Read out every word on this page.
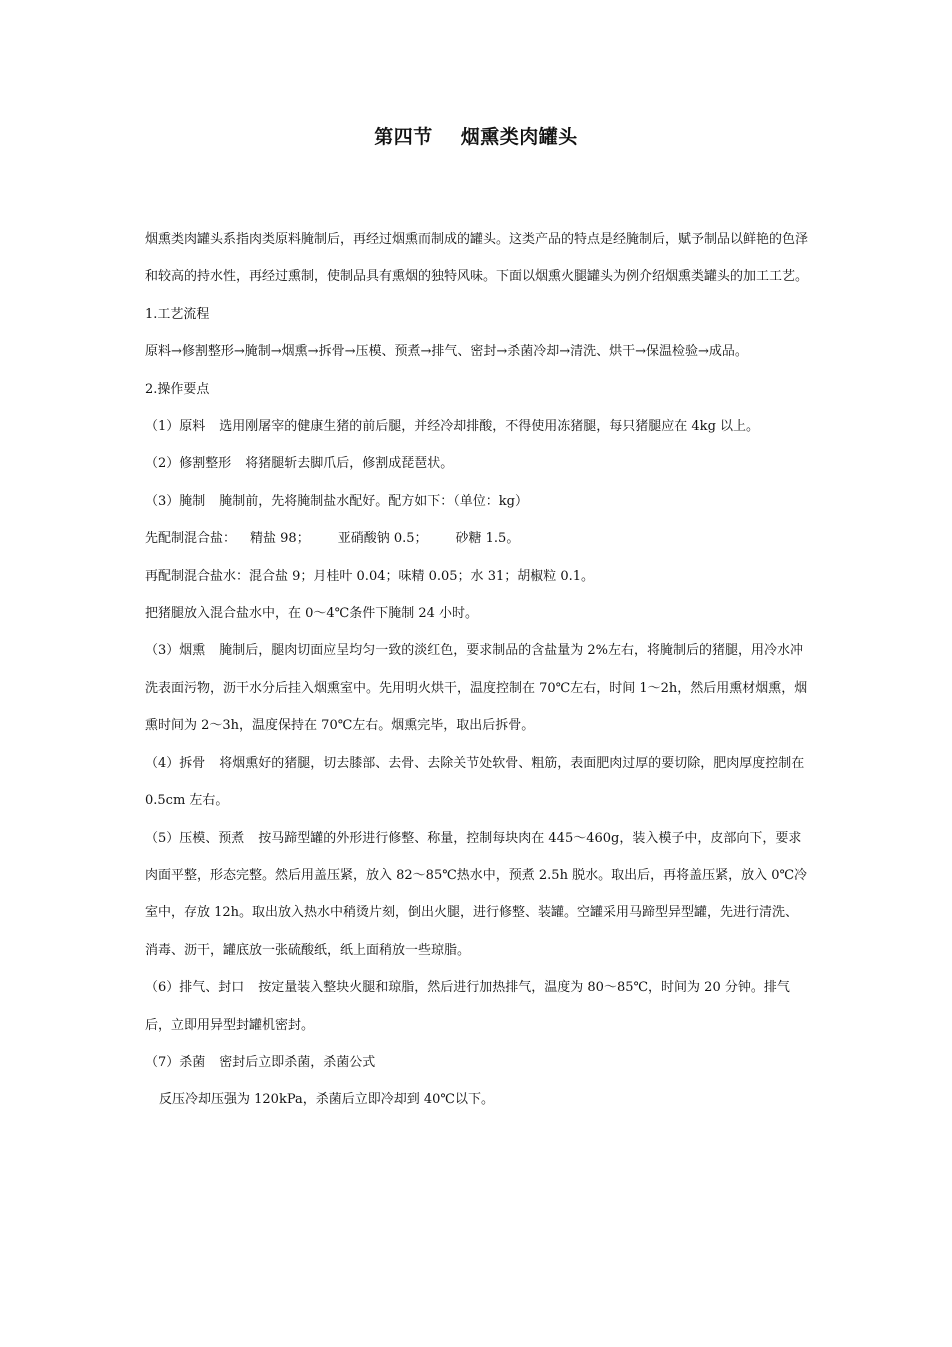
第四节 烟熏类肉罐头

烟熏类肉罐头系指肉类原料腌制后，再经过烟熏而制成的罐头。这类产品的特点是经腌制后，赋予制品以鲜艳的色泽和较高的持水性，再经过熏制，使制品具有熏烟的独特风味。下面以烟熏火腿罐头为例介绍烟熏类罐头的加工工艺。

1.工艺流程

原料→修割整形→腌制→烟熏→拆骨→压模、预煮→排气、密封→杀菌冷却→清洗、烘干→保温检验→成品。

2.操作要点

（1）原料 选用刚屠宰的健康生猪的前后腿，并经冷却排酸，不得使用冻猪腿，每只猪腿应在 4kg 以上。

（2）修割整形 将猪腿斩去脚爪后，修割成琵琶状。

（3）腌制 腌制前，先将腌制盐水配好。配方如下：（单位：kg）

先配制混合盐： 精盐 98； 亚硝酸钠 0.5； 砂糖 1.5。

再配制混合盐水：混合盐 9；月桂叶 0.04；味精 0.05；水 31；胡椒粒 0.1。

把猪腿放入混合盐水中，在 0～4℃条件下腌制 24 小时。

（3）烟熏 腌制后，腿肉切面应呈均匀一致的淡红色，要求制品的含盐量为 2%左右，将腌制后的猪腿，用冷水冲洗表面污物，沥干水分后挂入烟熏室中。先用明火烘干，温度控制在 70℃左右，时间 1～2h，然后用熏材烟熏，烟熏时间为 2～3h，温度保持在 70℃左右。烟熏完毕，取出后拆骨。

（4）拆骨 将烟熏好的猪腿，切去膝部、去骨、去除关节处软骨、粗筋，表面肥肉过厚的要切除，肥肉厚度控制在 0.5cm 左右。

（5）压模、预煮 按马蹄型罐的外形进行修整、称量，控制每块肉在 445～460g，装入模子中，皮部向下，要求肉面平整，形态完整。然后用盖压紧，放入 82～85℃热水中，预煮 2.5h 脱水。取出后，再将盖压紧，放入 0℃冷室中，存放 12h。取出放入热水中稍烫片刻，倒出火腿，进行修整、装罐。空罐采用马蹄型异型罐，先进行清洗、消毒、沥干，罐底放一张硫酸纸，纸上面稍放一些琼脂。

（6）排气、封口 按定量装入整块火腿和琼脂，然后进行加热排气，温度为 80～85℃，时间为 20 分钟。排气后，立即用异型封罐机密封。

（7）杀菌 密封后立即杀菌，杀菌公式

反压冷却压强为 120kPa，杀菌后立即冷却到 40℃以下。
